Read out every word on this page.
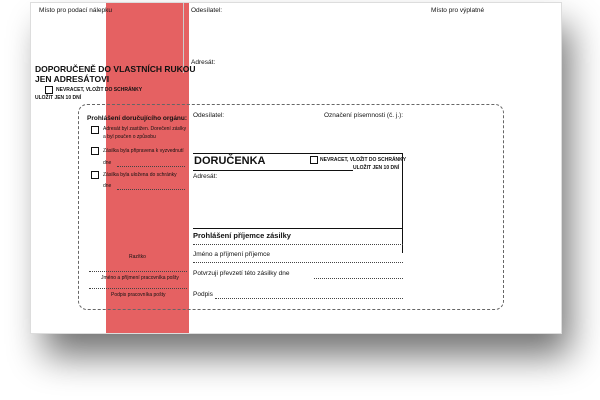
Místo pro podací nálepku	Odesílatel:	Místo pro výplatné
DOPORUČENĚ DO VLASTNÍCH RUKOU
JEN ADRESÁTOVI
NEVRACET, VLOŽIT DO SCHRÁNKY
ULOŽIT JEN 10 DNÍ
Adresát:
Prohlášení doručujícího orgánu:
Adresát byl zastižen. Dorečení záslky
a byl poučen o způsobu
Zásilka byla připravena k vyzvednutí
dne
Zásilka byla uložena do schránky
dne
Razítko
Jméno a příjmení pracovníka pošty
Podpis pracovníka pošty
Odesílatel:	Označení písemnosti (č. j.):
DORUČENKA	NEVRACET, VLOŽIT DO SCHRÁNKY
ULOŽIT JEN 10 DNÍ
Adresát:
Prohlášení příjemce zásilky
Jméno a příjmení příjemce
Potvrzuji převzetí této zásilky dne
Podpis
